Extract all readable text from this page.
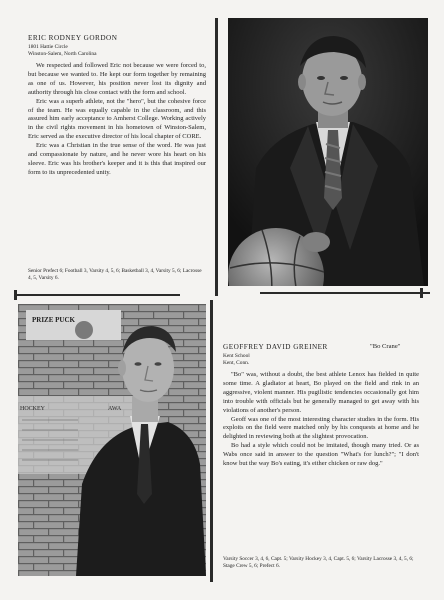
ERIC RODNEY GORDON
1801 Hattie Circle
Winston-Salem, North Carolina

We respected and followed Eric not because we were forced to, but because we wanted to. He kept our form together by remaining as one of us. However, his position never lost its dignity and authority through his close contact with the form and school.

Eric was a superb athlete, not the "hero", but the cohesive force of the team. He was equally capable in the classroom, and this assured him early acceptance to Amherst College. Working actively in the civil rights movement in his hometown of Winston-Salem, Eric served as the executive director of his local chapter of CORE.

Eric was a Christian in the true sense of the word. He was just and compassionate by nature, and he never wore his heart on his sleeve. Eric was his brother's keeper and it is this that inspired our form to its unprecedented unity.

Senior Prefect 6; Football 3, Varsity 4, 5, 6; Basketball 3, 4, Varsity 5, 6; Lacrosse 4, 5, Varsity 6.
PRIZE PUCK
HOCKEY	AWA
GEOFFREY DAVID GREINER	"Bo Crane"
Kent School
Kent, Conn.

"Bo" was, without a doubt, the best athlete Lenox has fielded in quite some time. A gladiator at heart, Bo played on the field and rink in an aggressive, violent manner. His pugilistic tendencies occasionally got him into trouble with officials but he generally managed to get away with his violations of another's person.

Geoff was one of the most interesting character studies in the form. His exploits on the field were matched only by his conquests at home and he delighted in reviewing both at the slightest provocation.

Bo had a style which could not be imitated, though many tried. Or as Wabs once said in answer to the question "What's for lunch?"; "I don't know but the way Bo's eating, it's either chicken or raw dog."

Varsity Soccer 3, 4, 6, Capt. 5; Varsity Hockey 3, 4, Capt. 5, 6; Varsity Lacrosse 3, 4, 5, 6; Stage Crew 5, 6; Prefect 6.
